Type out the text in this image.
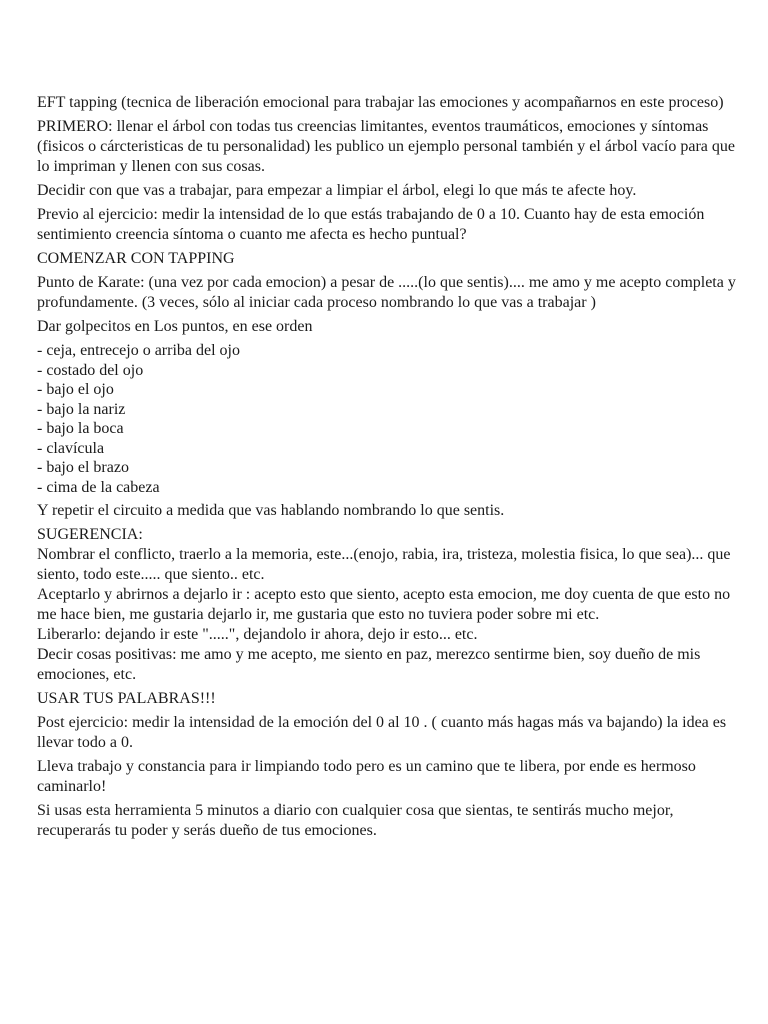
EFT tapping (tecnica de liberación emocional para trabajar las emociones y acompañarnos en este proceso)

PRIMERO: llenar el árbol con todas tus creencias limitantes, eventos traumáticos, emociones y síntomas (fisicos o cárcteristicas de tu personalidad) les publico un ejemplo personal también y el árbol vacío para que lo impriman y llenen con sus cosas.

Decidir con que vas a trabajar, para empezar a limpiar el árbol, elegi lo que más te afecte hoy.

Previo al ejercicio: medir la intensidad de lo que estás trabajando de 0 a 10. Cuanto hay de esta emoción sentimiento creencia síntoma o cuanto me afecta es hecho puntual?

COMENZAR CON TAPPING

Punto de Karate: (una vez por cada emocion) a pesar de .....(lo que sentis).... me amo y me acepto completa y profundamente. (3 veces, sólo al iniciar cada proceso nombrando lo que vas a trabajar )

Dar golpecitos en Los puntos, en ese orden

- ceja, entrecejo o arriba del ojo
- costado del ojo
- bajo el ojo
- bajo la nariz
- bajo la boca
- clavícula
- bajo el brazo
- cima de la cabeza

Y repetir el circuito a medida que vas hablando nombrando lo que sentis.

SUGERENCIA:

Nombrar el conflicto, traerlo a la memoria, este...(enojo, rabia, ira, tristeza, molestia fisica, lo que sea)... que siento, todo este..... que siento.. etc.

Aceptarlo y abrirnos a dejarlo ir : acepto esto que siento, acepto esta emocion, me doy cuenta de que esto no me hace bien, me gustaria dejarlo ir, me gustaria que esto no tuviera poder sobre mi etc.

Liberarlo: dejando ir este ".....", dejandolo ir ahora, dejo ir esto... etc.

Decir cosas positivas: me amo y me acepto, me siento en paz, merezco sentirme bien, soy dueño de mis emociones, etc.

USAR TUS PALABRAS!!!

Post ejercicio: medir la intensidad de la emoción del 0 al 10 . ( cuanto más hagas más va bajando) la idea es llevar todo a 0.

Lleva trabajo y constancia para ir limpiando todo pero es un camino que te libera, por ende es hermoso caminarlo!

Si usas esta herramienta 5 minutos a diario con cualquier cosa que sientas, te sentirás mucho mejor, recuperarás tu poder y serás dueño de tus emociones.
